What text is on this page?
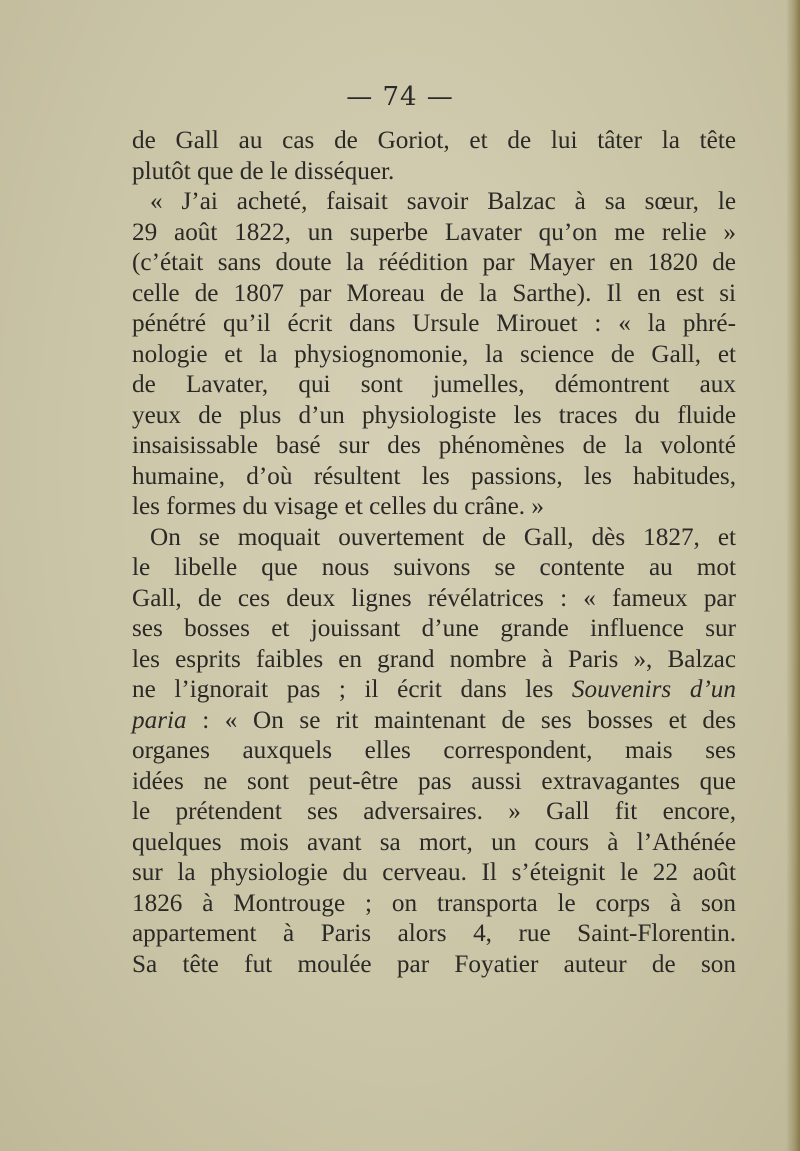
— 74 —
de Gall au cas de Goriot, et de lui tâter la tête
plutôt que de le disséquer.
« J’ai acheté, faisait savoir Balzac à sa sœur, le
29 août 1822, un superbe Lavater qu’on me relie »
(c’était sans doute la réédition par Mayer en 1820 de
celle de 1807 par Moreau de la Sarthe). Il en est si
pénétré qu’il écrit dans Ursule Mirouet : « la phré-
nologie et la physiognomonie, la science de Gall, et
de Lavater, qui sont jumelles, démontrent aux
yeux de plus d’un physiologiste les traces du fluide
insaisissable basé sur des phénomènes de la volonté
humaine, d’où résultent les passions, les habitudes,
les formes du visage et celles du crâne. »
On se moquait ouvertement de Gall, dès 1827, et
le libelle que nous suivons se contente au mot
Gall, de ces deux lignes révélatrices : « fameux par
ses bosses et jouissant d’une grande influence sur
les esprits faibles en grand nombre à Paris », Balzac
ne l’ignorait pas ; il écrit dans les Souvenirs d’un
paria : « On se rit maintenant de ses bosses et des
organes auxquels elles correspondent, mais ses
idées ne sont peut-être pas aussi extravagantes que
le prétendent ses adversaires. » Gall fit encore,
quelques mois avant sa mort, un cours à l’Athénée
sur la physiologie du cerveau. Il s’éteignit le 22 août
1826 à Montrouge ; on transporta le corps à son
appartement à Paris alors 4, rue Saint-Florentin.
Sa tête fut moulée par Foyatier auteur de son
